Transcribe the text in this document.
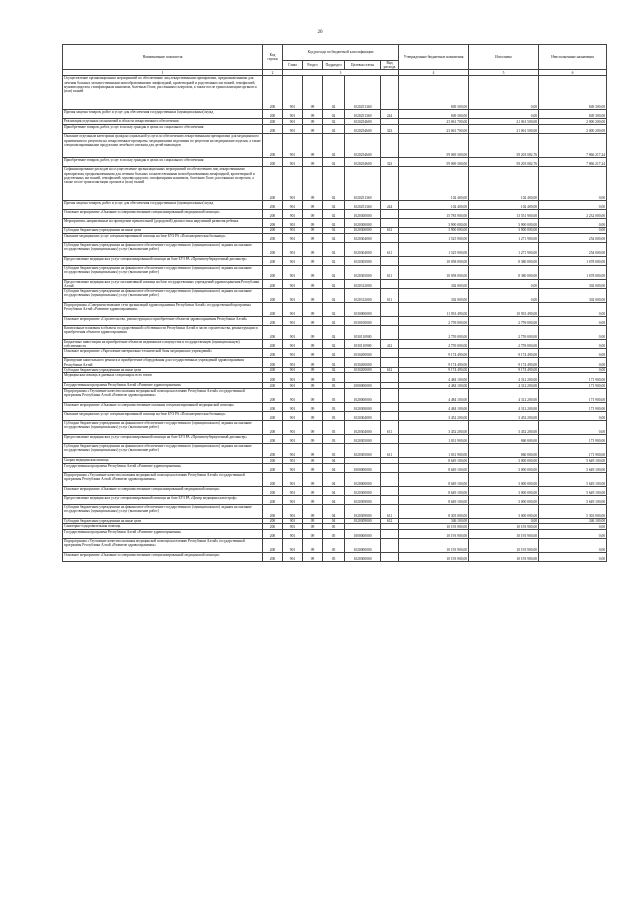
20
Наименование показателя	Код строки	Код расхода по бюджетной классификации					Утвержденные бюджетные назначения	Исполнено	Неисполненные назначения
		Глава	Раздел	Подраздел	Целевая статья	Вид расхода			
1	2	3					4	5	6
Осуществление организационных мероприятий по обеспечению лиц лекарственными препаратами, предназначенными для лечения больных злокачественными новообразованиями лимфоидной, кроветворной и родственных им тканей, гемофилией, муковисцидозом, гипофизарным нанизмом, болезнью Гоше, рассеянным склерозом, а также после трансплантации органов и (или) тканей	200	901	09	02	1020251360		849 300,00	0,00	849 300,00
Прочая закупка товаров, работ и услуг для обеспечения государственных (муниципальных) нужд	200	901	09	02	1020251360	244	849 300,00	0,00	849 300,00
Реализация отдельных полномочий в области лекарственного обеспечения	200	901	09	02	1020254600		23 061 700,00	21 061 500,00	2 000 200,00
Приобретение товаров, работ, услуг в пользу граждан в целях их социального обеспечения	200	901	09	02	1020254600	323	23 061 700,00	21 061 500,00	2 000 200,00
Оказание отдельным категориям граждан социальной услуги по обеспечению лекарственными препаратами для медицинского применения по рецептам на лекарственные препараты, медицинскими изделиями по рецептам на медицинские изделия, а также специализированными продуктами лечебного питания для детей-инвалидов	200	901	09	02	1020254600		59 069 300,00	59 203 082,76	7 866 217,24
Приобретение товаров, работ, услуг в пользу граждан в целях их социального обеспечения	200	901	09	02	1020254600	323	59 069 300,00	59 203 082,76	7 866 217,24
Софинансирование расходов на осуществление организационных мероприятий по обеспечению лиц лекарственными препаратами, предназначенными для лечения больных злокачественными новообразованиями лимфоидной, кроветворной и родственных им тканей, гемофилией, муковисцидозом, гипофизарным нанизмом, болезнью Гоше, рассеянным склерозом, а также после трансплантации органов и (или) тканей	200	901	09	02	1020251360		102 400,00	102 400,00	0,00
Прочая закупка товаров, работ и услуг для обеспечения государственных (муниципальных) нужд	200	901	09	02	1020251360	244	102 400,00	102 400,00	0,00
Основное мероприятие «Оказание и совершенствование специализированной медицинской помощи»	200	901	09	02	1020300000		15 783 900,00	13 551 900,00	2 232 000,00
Мероприятия, направленные на проведение пренатальной (дородовой) диагностики нарушений развития ребенка	200	901	09	02	1020300000		3 900 000,00	3 900 000,00	0,00
Субсидии бюджетным учреждениям на иные цели	200	901	09	02	1020300000	612	3 900 000,00	3 900 000,00	0,00
Оказание медицинских услуг специализированной помощи на базе БУЗ РА «Психиатрическая больница»	200	901	09	02	1020304000		1 525 900,00	1 271 900,00	254 000,00
Субсидии бюджетным учреждениям на финансовое обеспечение государственного (муниципального) задания на оказание государственных (муниципальных) услуг (выполнение работ)	200	901	09	02	1020304000	611	1 525 900,00	1 271 900,00	254 000,00
Предоставление медицинских услуг специализированной помощи на базе БУЗ РА «Противотуберкулезный диспансер»	200	901	09	02	1020305000		10 058 000,00	8 380 000,00	1 678 000,00
Субсидии бюджетным учреждениям на финансовое обеспечение государственного (муниципального) задания на оказание государственных (муниципальных) услуг (выполнение работ)	200	901	09	02	1020305000	611	10 058 000,00	8 380 000,00	1 678 000,00
Предоставление медицинских услуг паллиативной помощи на базе государственных учреждений здравоохранения Республики Алтай	200	901	09	02	1020312000		302 000,00	0,00	302 000,00
Субсидии бюджетным учреждениям на финансовое обеспечение государственного (муниципального) задания на оказание государственных (муниципальных) услуг (выполнение работ)	200	901	09	02	1020312000	611	302 000,00	0,00	302 000,00
Подпрограмма «Совершенствование сети организаций здравоохранения Республики Алтай» государственной программы Республики Алтай «Развитие здравоохранения»	200	901	09	02	1030000000		11 933 490,00	10 933 490,00	0,00
Основное мероприятие «Строительство, реконструкция и приобретение объектов здравоохранения Республики Алтай»	200	901	09	02	1030100000		2 759 000,00	2 759 000,00	0,00
Капитальные вложения в объекты государственной собственности Республики Алтай в части строительства, реконструкции и приобретения объектов здравоохранения	200	901	09	02	1030110900		2 759 000,00	2 759 000,00	0,00
Бюджетные инвестиции на приобретение объектов недвижимого имущества в государственную (муниципальную) собственность	200	901	09	02	1030110900	412	2 759 000,00	2 759 000,00	0,00
Основное мероприятие «Укрепление материально-технической базы медицинских учреждений»	200	901	09	02	1030200000		9 174 490,00	9 174 490,00	0,00
Проведение капитального ремонта и приобретение оборудования для государственных учреждений здравоохранения Республики Алтай	200	901	09	02	1030200000		9 174 490,00	9 174 490,00	0,00
Субсидии бюджетным учреждениям на иные цели	200	901	09	02	1030200000	612	9 174 490,00	9 174 490,00	0,00
Медицинская помощь в дневных стационарах всех типов	200	901	09	03			4 484 100,00	4 312 200,00	171 900,00
Государственная программа Республики Алтай «Развитие здравоохранения»	200	901	09	03	1000000000		4 484 100,00	4 312 200,00	171 900,00
Подпрограмма «Улучшение качества оказания медицинской помощи населению Республики Алтай» государственной программы Республики Алтай «Развитие здравоохранения»	200	901	09	03	1020000000		4 484 100,00	4 312 200,00	171 900,00
Основное мероприятие «Оказание и совершенствование оказания специализированной медицинской помощи»	200	901	09	03	1020300000		4 484 100,00	4 312 200,00	171 900,00
Оказание медицинских услуг специализированной помощи на базе БУЗ РА «Психиатрическая больница»	200	901	09	03	1020304000		3 452 200,00	3 452 200,00	0,00
Субсидии бюджетным учреждениям на финансовое обеспечение государственного (муниципального) задания на оказание государственных (муниципальных) услуг (выполнение работ)	200	901	09	03	1020304000	611	3 452 200,00	3 452 200,00	0,00
Предоставление медицинских услуг специализированной помощи на базе БУЗ РА «Противотуберкулезный диспансер»	200	901	09	03	1020305000		1 031 900,00	860 000,00	171 900,00
Субсидии бюджетным учреждениям на финансовое обеспечение государственного (муниципального) задания на оказание государственных (муниципальных) услуг (выполнение работ)	200	901	09	03	1020305000	611	1 031 900,00	860 000,00	171 900,00
Скорая медицинская помощь	200	901	09	04			8 649 100,00	3 000 000,00	5 649 100,00
Государственная программа Республики Алтай «Развитие здравоохранения»	200	901	09	04	1000000000		8 649 100,00	3 000 000,00	5 649 100,00
Подпрограмма «Улучшение качества оказания медицинской помощи населению Республики Алтай» государственной программы Республики Алтай «Развитие здравоохранения»	200	901	09	04	1020000000		8 649 100,00	3 000 000,00	5 649 100,00
Основное мероприятие «Оказание и совершенствование специализированной медицинской помощи»	200	901	09	04	1020300000		8 649 100,00	3 000 000,00	5 649 100,00
Предоставление медицинских услуг специализированной помощи на базе БУЗ РА «Центр медицины катастроф»	200	901	09	04	1020309000		8 649 100,00	3 000 000,00	5 649 100,00
Субсидии бюджетным учреждениям на финансовое обеспечение государственного (муниципального) задания на оказание государственных (муниципальных) услуг (выполнение работ)	200	901	09	04	1020309000	611	8 303 000,00	3 000 000,00	5 303 000,00
Субсидии бюджетным учреждениям на иные цели	200	901	09	04	1020309000	612	346 100,00	0,00	346 100,00
Санаторно-оздоровительная помощь	200	901	09	05			10 193 900,00	10 193 900,00	0,00
Государственная программа Республики Алтай «Развитие здравоохранения»	200	901	09	05	1000000000		10 193 900,00	10 193 900,00	0,00
Подпрограмма «Улучшение качества оказания медицинской помощи населению Республики Алтай» государственной программы Республики Алтай «Развитие здравоохранения»	200	901	09	05	1020000000		10 193 900,00	10 193 900,00	0,00
Основное мероприятие «Оказание и совершенствование специализированной медицинской помощи»	200	901	09	05	1020300000		10 193 900,00	10 193 900,00	0,00
